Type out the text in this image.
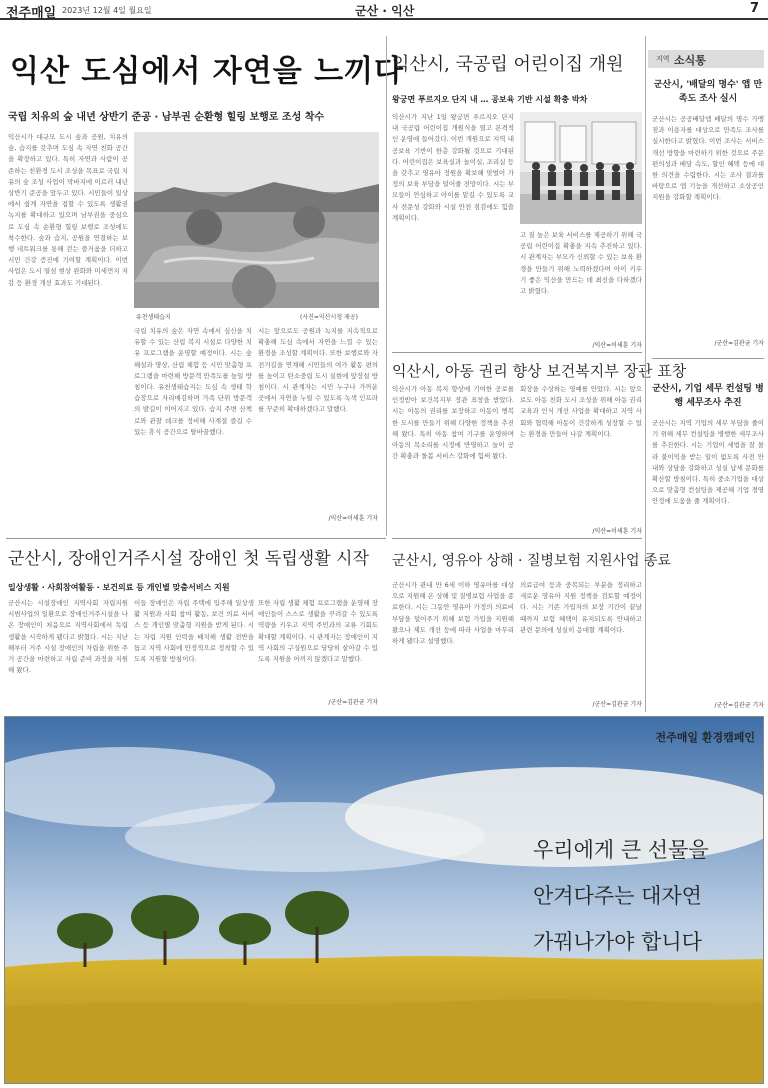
전주매일 2023년 12월 4일 월요일	군산 · 익산	7
익산 도심에서 자연을 느끼다
국립 치유의 숲 내년 상반기 준공 · 남부권 순환형 힐링 보행로 조성 착수
익산시가 대규모 도시 숲과 공원, 치유의 숲, 습지를 갖추며 도심 속 자연 친화 공간을 확장하고 있다. 특히 자연과 사람이 공존하는 친환경 도시 조성을 목표로 국립 치유의 숲 조성 사업이 막바지에 이르러 내년 상반기 준공을 앞두고 있다. 시민들이 일상에서 쉽게 자연을 접할 수 있도록 생활권 녹지를 확대하고 있으며 남부권을 중심으로 도심 속 순환형 힐링 보행로 조성에도 착수한다. 숲과 습지, 공원을 연결하는 보행 네트워크를 통해 걷는 즐거움을 더하고 시민 건강 증진에 기여할 계획이다. 이번 사업은 도시 열섬 현상 완화와 미세먼지 저감 등 환경 개선 효과도 기대된다.
유천생태습지	(사진=익산시청 제공)
국립 치유의 숲은 자연 속에서 심신을 치유할 수 있는 산림 복지 시설로 다양한 치유 프로그램을 운영할 예정이다. 시는 숲 해설과 명상, 산림 체험 등 시민 맞춤형 프로그램을 마련해 방문객 만족도를 높일 방침이다. 유천생태습지는 도심 속 생태 학습장으로 자리매김하며 가족 단위 방문객의 발길이 이어지고 있다. 습지 주변 산책로와 관찰 데크를 정비해 사계절 즐길 수 있는 휴식 공간으로 탈바꿈했다.
시는 앞으로도 공원과 녹지를 지속적으로 확충해 도심 속에서 자연을 느낄 수 있는 환경을 조성할 계획이다. 또한 보행로와 자전거길을 연계해 시민들의 여가 활동 편의를 높이고 탄소중립 도시 실현에 앞장설 방침이다. 시 관계자는 시민 누구나 가까운 곳에서 자연을 누릴 수 있도록 녹색 인프라를 꾸준히 확대하겠다고 말했다.
/익산=이세훈 기자
익산시, 국공립 어린이집 개원
왕궁면 푸르지오 단지 내 … 공보육 기반 시설 확충 박차
익산시가 지난 1일 왕궁면 푸르지오 단지 내 국공립 어린이집 개원식을 열고 본격적인 운영에 들어갔다. 이번 개원으로 지역 내 공보육 기반이 한층 강화될 것으로 기대된다. 어린이집은 보육실과 놀이실, 조리실 등을 갖추고 영유아 정원을 확보해 맞벌이 가정의 보육 부담을 덜어줄 전망이다. 시는 부모들이 안심하고 아이를 맡길 수 있도록 교사 전문성 강화와 시설 안전 점검에도 힘쓸 계획이다.
고 질 높은 보육 서비스를 제공하기 위해 국공립 어린이집 확충을 지속 추진하고 있다. 시 관계자는 부모가 신뢰할 수 있는 보육 환경을 만들기 위해 노력하겠다며 아이 키우기 좋은 익산을 만드는 데 최선을 다하겠다고 밝혔다.
/익산=이세훈 기자
익산시, 아동 권리 향상 보건복지부 장관 표창
익산시가 아동 복지 향상에 기여한 공로를 인정받아 보건복지부 장관 표창을 받았다. 시는 아동의 권리를 보장하고 아동이 행복한 도시를 만들기 위해 다양한 정책을 추진해 왔다. 특히 아동 참여 기구를 운영하며 아동의 목소리를 시정에 반영하고 놀이 공간 확충과 돌봄 서비스 강화에 힘써 왔다.
회장을 수상하는 영예를 안았다. 시는 앞으로도 아동 친화 도시 조성을 위해 아동 권리 교육과 인식 개선 사업을 확대하고 지역 사회와 협력해 아동이 건강하게 성장할 수 있는 환경을 만들어 나갈 계획이다.
/익산=이세훈 기자
지역 소식통
군산시, '배달의 명수' 앱 만족도 조사 실시
군산시는 공공배달앱 배달의 명수 가맹점과 이용자를 대상으로 만족도 조사를 실시한다고 밝혔다. 이번 조사는 서비스 개선 방향을 마련하기 위한 것으로 주문 편의성과 배달 속도, 할인 혜택 등에 대한 의견을 수렴한다. 시는 조사 결과를 바탕으로 앱 기능을 개선하고 소상공인 지원을 강화할 계획이다.
/군산=김관균 기자
군산시, 기업 세무 컨설팅 병행 세무조사 추진
군산시는 지역 기업의 세무 부담을 줄이기 위해 세무 컨설팅을 병행한 세무조사를 추진한다. 시는 기업이 세법을 잘 몰라 불이익을 받는 일이 없도록 사전 안내와 상담을 강화하고 성실 납세 문화를 확산할 방침이다. 특히 중소기업을 대상으로 맞춤형 컨설팅을 제공해 기업 경영 안정에 도움을 줄 계획이다.
/군산=김관균 기자
군산시, 장애인거주시설 장애인 첫 독립생활 시작
일상생활 · 사회참여활동 · 보건의료 등 개인별 맞춤서비스 지원
군산시는 시설장애인 지역사회 자립지원 시범사업의 일환으로 장애인거주시설을 나온 장애인이 처음으로 지역사회에서 독립생활을 시작하게 됐다고 밝혔다. 시는 지난해부터 거주 시설 장애인의 자립을 위한 주거 공간을 마련하고 자립 준비 과정을 지원해 왔다.
이들 장애인은 자립 주택에 입주해 일상생활 지원과 사회 참여 활동, 보건 의료 서비스 등 개인별 맞춤형 지원을 받게 된다. 시는 자립 지원 인력을 배치해 생활 전반을 돕고 지역 사회에 안정적으로 정착할 수 있도록 지원할 방침이다.
또한 자립 생활 체험 프로그램을 운영해 장애인들이 스스로 생활을 꾸려갈 수 있도록 역량을 키우고 지역 주민과의 교류 기회도 확대할 계획이다. 시 관계자는 장애인이 지역 사회의 구성원으로 당당히 살아갈 수 있도록 지원을 아끼지 않겠다고 말했다.
/군산=김관균 기자
군산시, 영유아 상해 · 질병보험 지원사업 종료
군산시가 관내 만 6세 이하 영유아를 대상으로 지원해 온 상해 및 질병보험 사업을 종료한다. 시는 그동안 영유아 가정의 의료비 부담을 덜어주기 위해 보험 가입을 지원해 왔으나 제도 개선 등에 따라 사업을 마무리하게 됐다고 설명했다.
의료급여 등과 중복되는 부분을 정리하고 새로운 영유아 지원 정책을 검토할 예정이다. 시는 기존 가입자의 보장 기간이 끝날 때까지 보험 혜택이 유지되도록 안내하고 관련 문의에 성실히 응대할 계획이다.
/군산=김관균 기자
전주매일 환경캠페인
우리에게 큰 선물을
안겨다주는 대자연
가꿔나가야 합니다
